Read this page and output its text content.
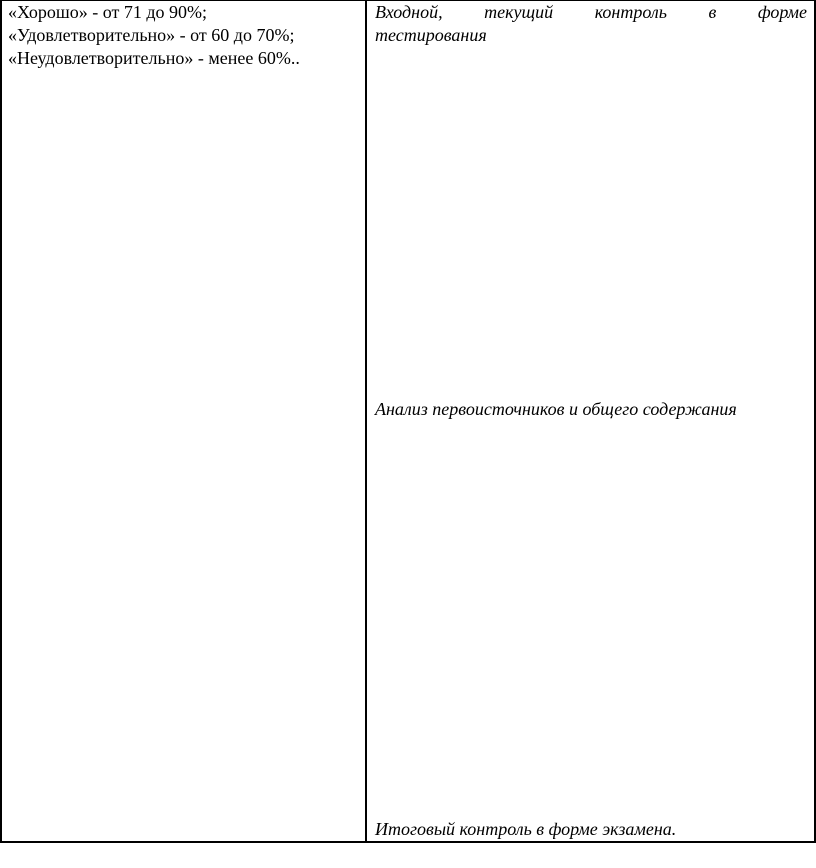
«Хорошо» - от 71 до 90%;
«Удовлетворительно» - от 60 до 70%;
«Неудовлетворительно» - менее 60%..
Входной, текущий контроль в форме
тестирования
Анализ первоисточников и общего содержания
Итоговый контроль в форме экзамена.
